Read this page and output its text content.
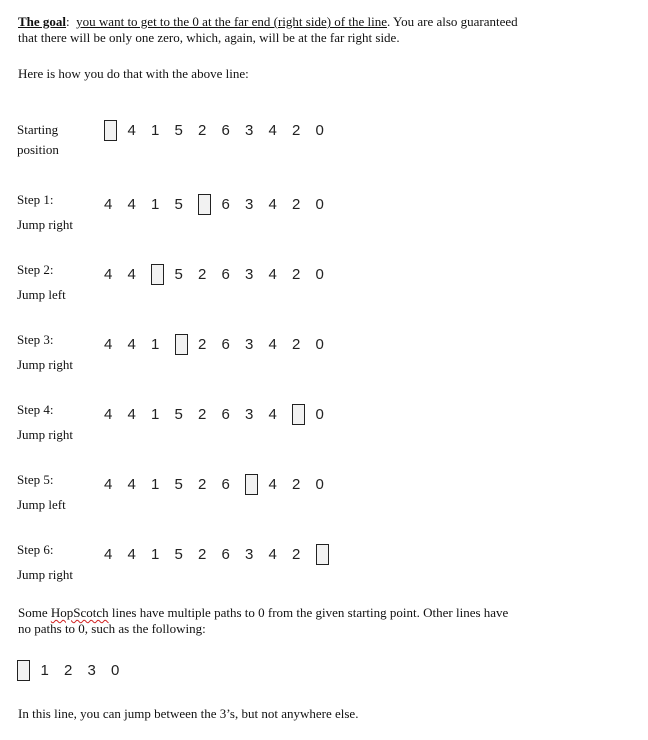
The goal: you want to get to the 0 at the far end (right side) of the line. You are also guaranteed
that there will be only one zero, which, again, will be at the far right side.
Here is how you do that with the above line:
Starting
position
4	1	5	2	6	3	4	2	0
Step 1:
Jump right
4	4	1	5	6	3	4	2	0
Step 2:
Jump left
4	4	5	2	6	3	4	2	0
Step 3:
Jump right
4	4	1	2	6	3	4	2	0
Step 4:
Jump right
4	4	1	5	2	6	3	4	0
Step 5:
Jump left
4	4	1	5	2	6	4	2	0
Step 6:
Jump right
4	4	1	5	2	6	3	4	2
Some HopScotch lines have multiple paths to 0 from the given starting point. Other lines have
no paths to 0, such as the following:
1	2	3	0
In this line, you can jump between the 3’s, but not anywhere else.
